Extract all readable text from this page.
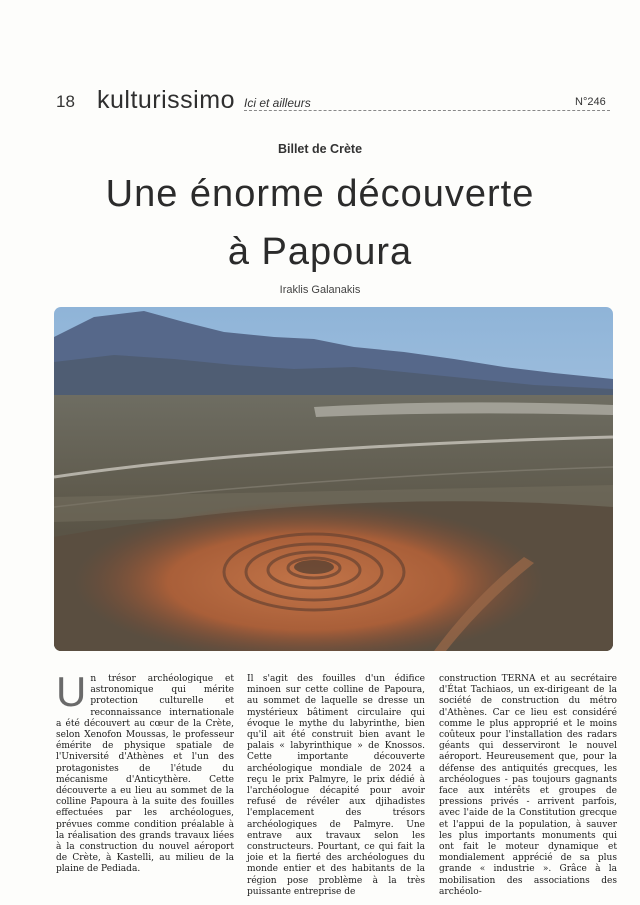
18 kulturissimo Ici et ailleurs	N°246
Billet de Crète
Une énorme découverte
à Papoura
Iraklis Galanakis
U n trésor archéologique et astronomique qui mérite protection culturelle et reconnaissance internationale a été découvert au cœur de la Crète, selon Xenofon Moussas, le professeur émérite de physique spatiale de l'Université d'Athènes et l'un des protagonistes de l'étude du mécanisme d'Anticythère. Cette découverte a eu lieu au sommet de la colline Papoura à la suite des fouilles effectuées par les archéologues, prévues comme condition préalable à la réalisation des grands travaux liées à la construction du nouvel aéroport de Crète, à Kastelli, au milieu de la plaine de Pediada.
Il s'agit des fouilles d'un édifice minoen sur cette colline de Papoura, au sommet de laquelle se dresse un mystérieux bâtiment circulaire qui évoque le mythe du labyrinthe, bien qu'il ait été construit bien avant le palais « labyrinthique » de Knossos. Cette importante découverte archéologique mondiale de 2024 a reçu le prix Palmyre, le prix dédié à l'archéologue décapité pour avoir refusé de révéler aux djihadistes l'emplacement des trésors archéologiques de Palmyre. Une entrave aux travaux selon les constructeurs. Pourtant, ce qui fait la joie et la fierté des archéologues du monde entier et des habitants de la région pose problème à la très puissante entreprise de
construction TERNA et au secrétaire d'État Tachiaos, un ex-dirigeant de la société de construction du métro d'Athènes. Car ce lieu est considéré comme le plus approprié et le moins coûteux pour l'installation des radars géants qui desserviront le nouvel aéroport. Heureusement que, pour la défense des antiquités grecques, les archéologues - pas toujours gagnants face aux intérêts et groupes de pressions privés - arrivent parfois, avec l'aide de la Constitution grecque et l'appui de la population, à sauver les plus importants monuments qui ont fait le moteur dynamique et mondialement apprécié de sa plus grande « industrie ». Grâce à la mobilisation des associations des archéolo-
